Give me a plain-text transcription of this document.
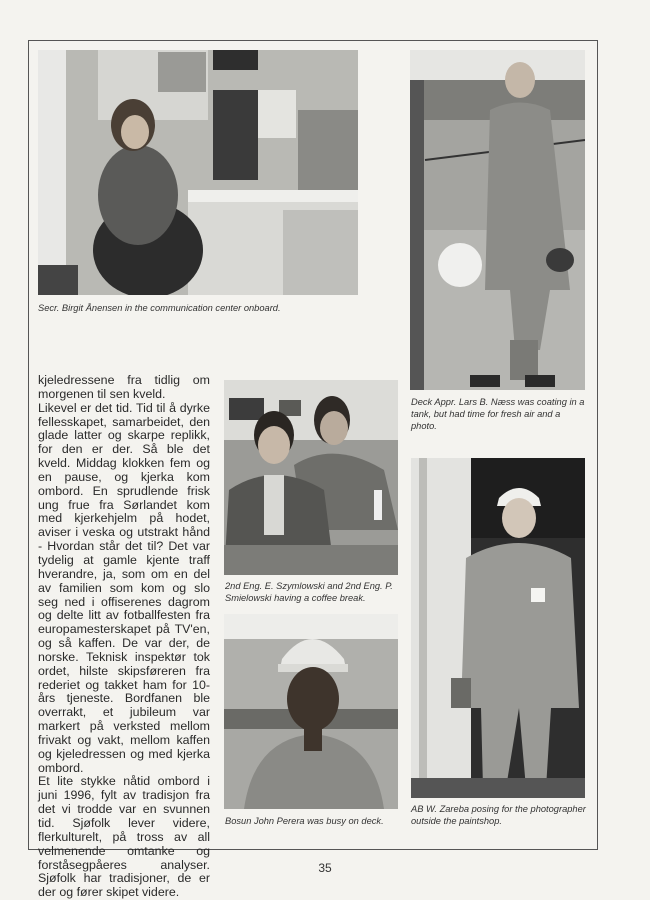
Secr. Birgit Ånensen in the communication center onboard.
Deck Appr. Lars B. Næss was coating in a tank, but had time for fresh air and a photo.

kjeledressene fra tidlig om morgenen til sen kveld.

Likevel er det tid. Tid til å dyrke fellesskapet, samarbeidet, den glade latter og skarpe replikk, for den er der. Så ble det kveld. Middag klokken fem og en pause, og kjerka kom ombord. En sprudlende frisk ung frue fra Sørlandet kom med kjerkehjelm på hodet, aviser i veska og utstrakt hånd - Hvordan står det til? Det var tydelig at gamle kjente traff hverandre, ja, som om en del av familien som kom og slo seg ned i offiserenes dagrom og delte litt av fotballfesten fra europamesterskapet på TV'en, og så kaffen. De var der, de norske. Teknisk inspektør tok ordet, hilste skipsføreren fra rederiet og takket ham for 10-års tjeneste. Bordfanen ble overrakt, et jubileum var markert på verksted mellom frivakt og vakt, mellom kaffen og kjeledressen og med kjerka ombord.

Et lite stykke nåtid ombord i juni 1996, fylt av tradisjon fra det vi trodde var en svunnen tid. Sjøfolk lever videre, flerkulturelt, på tross av all velmenende omtanke og forståsegpåeres analyser. Sjøfolk har tradisjoner, de er der og fører skipet videre.

2nd Eng. E. Szymlowski and 2nd Eng. P. Smielowski having a coffee break.
Bosun John Perera was busy on deck.
AB W. Zareba posing for the photographer outside the paintshop.
35
